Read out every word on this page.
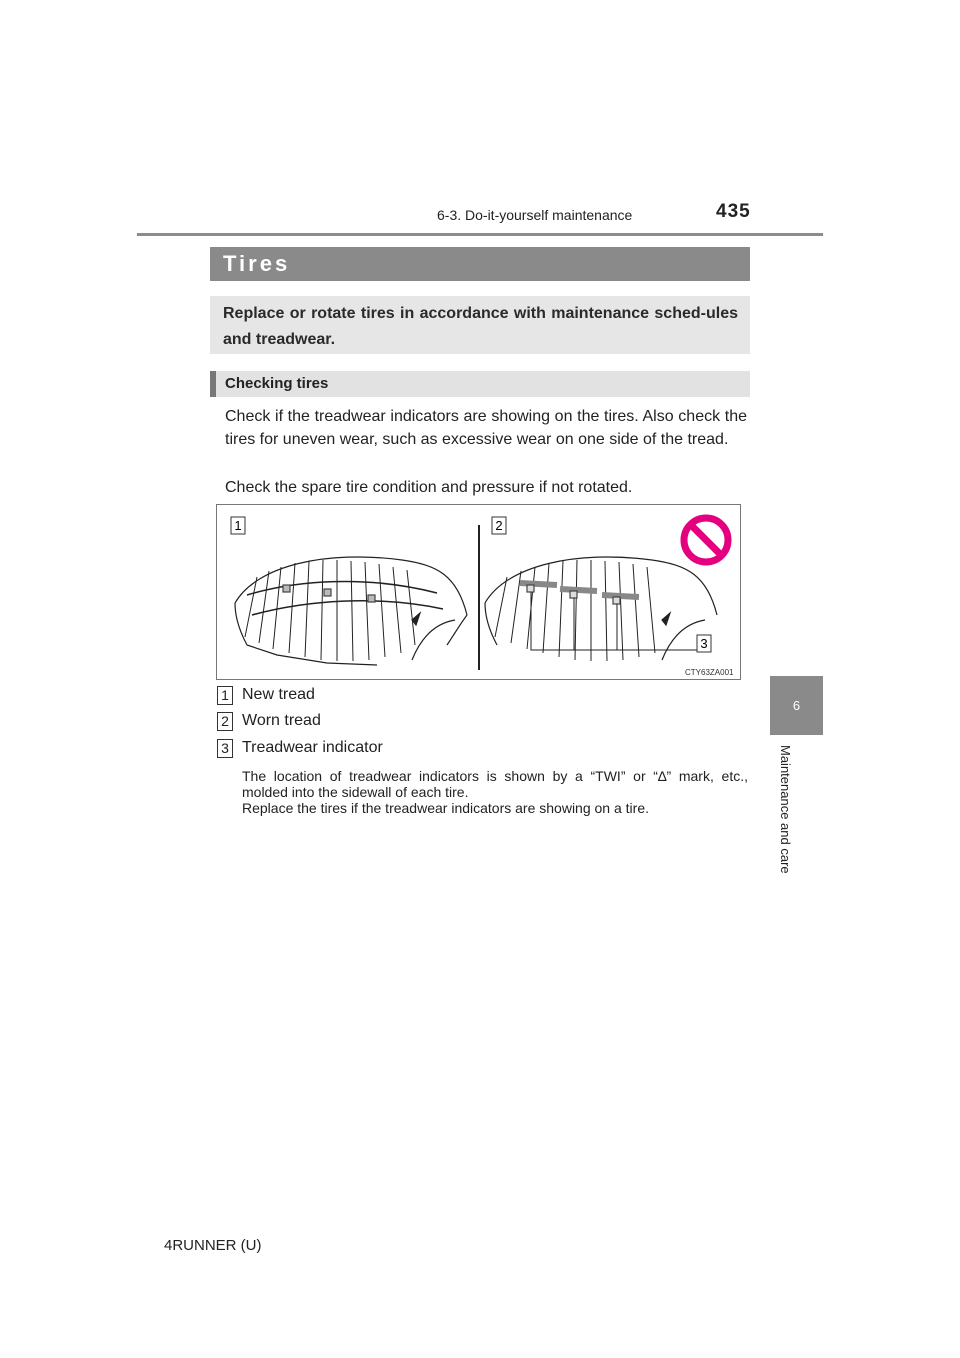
6-3. Do-it-yourself maintenance	435
Tires
Replace or rotate tires in accordance with maintenance sched-ules and treadwear.
Checking tires
Check if the treadwear indicators are showing on the tires. Also check the tires for uneven wear, such as excessive wear on one side of the tread.
Check the spare tire condition and pressure if not rotated.
1	2
3
CTY63ZA001
1 New tread
2 Worn tread
3 Treadwear indicator
The location of treadwear indicators is shown by a “TWI” or “∆” mark, etc., molded into the sidewall of each tire.
Replace the tires if the treadwear indicators are showing on a tire.
6
Maintenance and care
4RUNNER (U)
